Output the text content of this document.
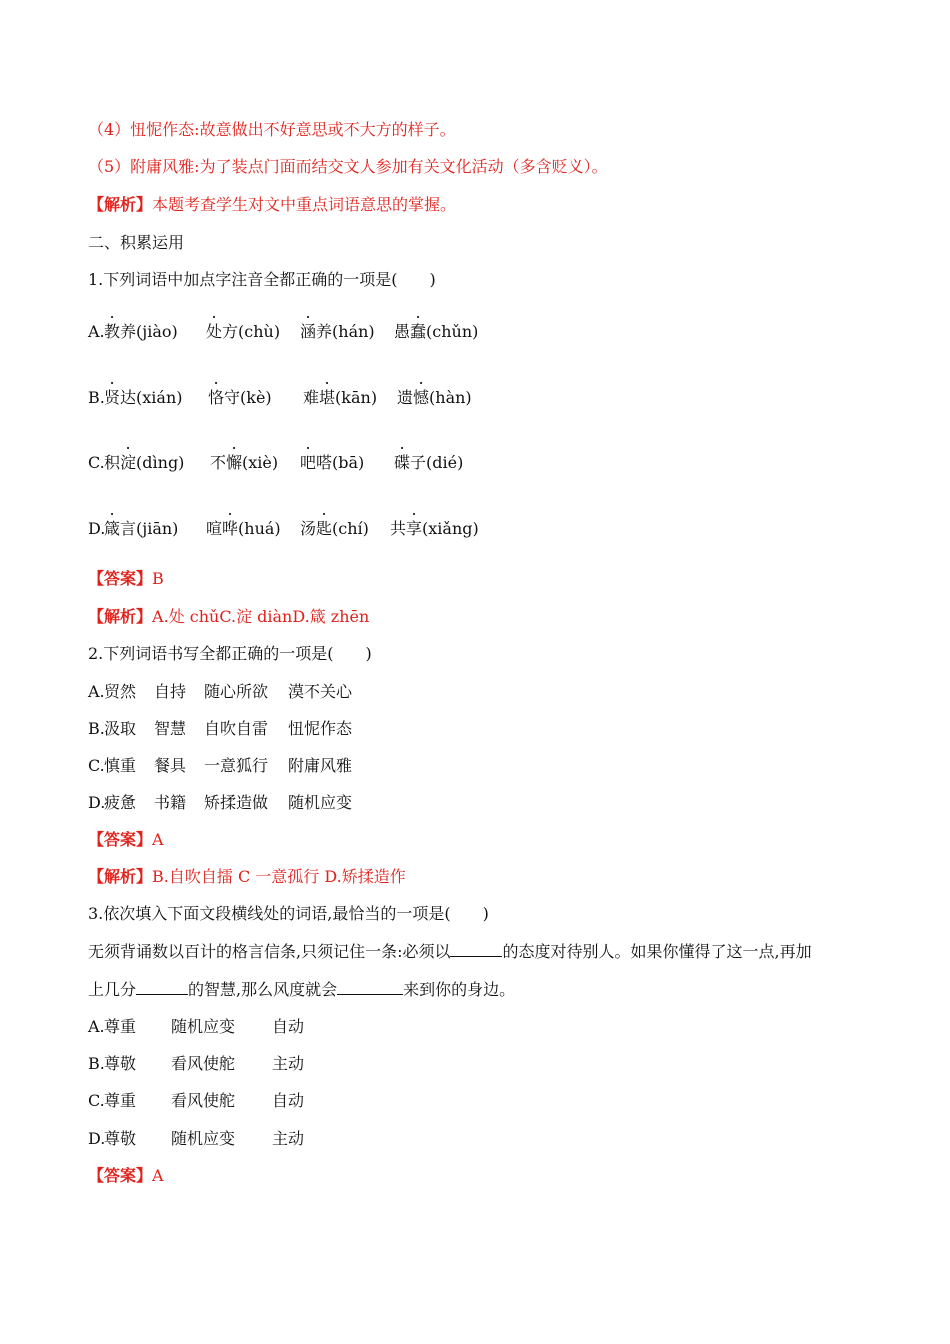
（4）忸怩作态:故意做出不好意思或不大方的样子。
（5）附庸风雅:为了装点门面而结交文人参加有关文化活动（多含贬义）。
【解析】本题考查学生对文中重点词语意思的掌握。
二、积累运用
1.下列词语中加点字注音全都正确的一项是(　　)
A. 教养(jiào) 处方(chù) 涵养(hán) 愚蠢(chǔn)
B. 贤达(xián) 恪守(kè) 难堪(kān) 遗憾(hàn)
C. 积淀(dìng) 不懈(xiè) 吧嗒(bā) 碟子(dié)
D.
箴言(jiān) 喧哗(huá) 汤匙(chí) 共享(xiǎng)
【答案】B
【解析】A.处 chǔC.淀 diànD.箴 zhēn
2.下列词语书写全都正确的一项是(　　)
A. 贸然 自持 随心所欲 漠不关心
B. 汲取 智慧 自吹自雷 忸怩作态
C. 慎重 餐具 一意狐行 附庸风雅
D.
疲惫 书籍 矫揉造做 随机应变
【答案】A
【解析】B.自吹自擂 C 一意孤行 D.矫揉造作
3.依次填入下面文段横线处的词语,最恰当的一项是(　　)
无须背诵数以百计的格言信条,只须记住一条:必须以	的态度对待别人。如果你懂得了这一点,再加
上几分	的智慧,那么风度就会	来到你的身边。
A. 尊重 随机应变 自动
B. 尊敬 看风使舵 主动
C. 尊重 看风使舵 自动
D.
尊敬 随机应变 主动
【答案】A
